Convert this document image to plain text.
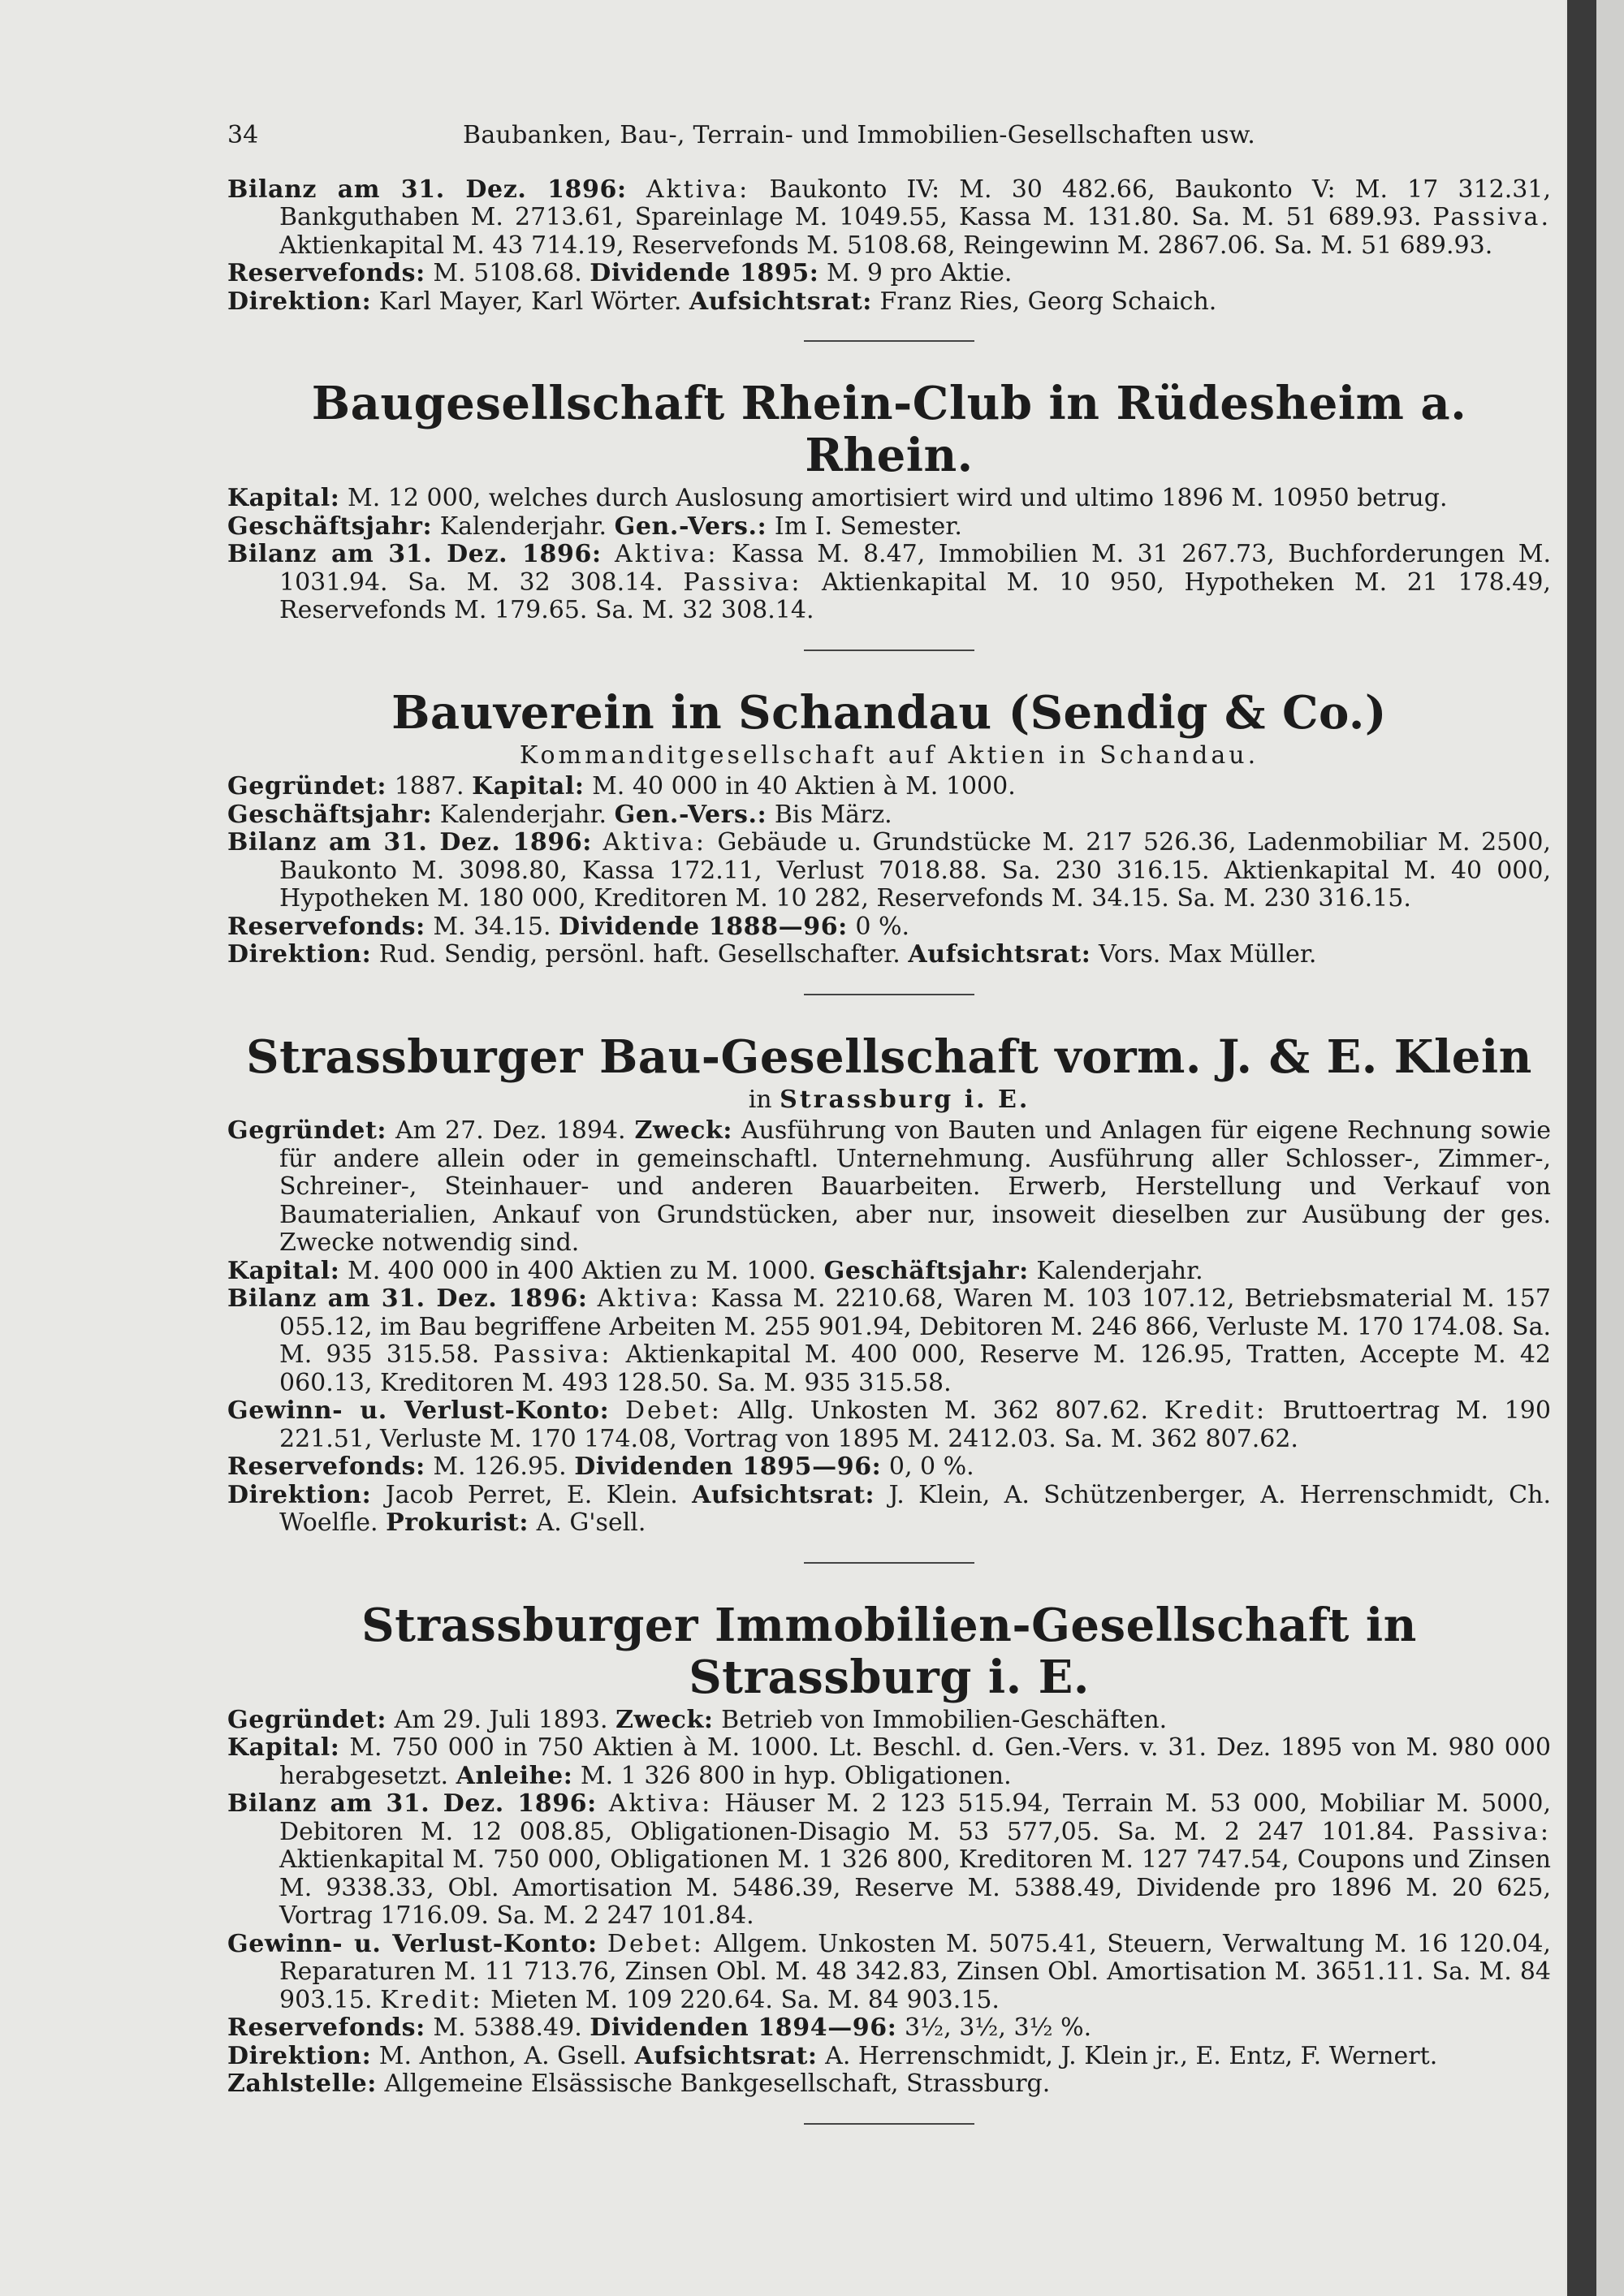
34	Baubanken, Bau-, Terrain- und Immobilien-Gesellschaften usw.
Bilanz am 31. Dez. 1896: Aktiva: Baukonto IV: M. 30 482.66, Baukonto V: M. 17 312.31, Bankguthaben M. 2713.61, Spareinlage M. 1049.55, Kassa M. 131.80. Sa. M. 51 689.93. Passiva. Aktienkapital M. 43 714.19, Reservefonds M. 5108.68, Reingewinn M. 2867.06. Sa. M. 51 689.93.
Reservefonds: M. 5108.68. Dividende 1895: M. 9 pro Aktie.
Direktion: Karl Mayer, Karl Wörter. Aufsichtsrat: Franz Ries, Georg Schaich.
Baugesellschaft Rhein-Club in Rüdesheim a. Rhein.
Kapital: M. 12 000, welches durch Auslosung amortisiert wird und ultimo 1896 M. 10950 betrug.
Geschäftsjahr: Kalenderjahr. Gen.-Vers.: Im I. Semester.
Bilanz am 31. Dez. 1896: Aktiva: Kassa M. 8.47, Immobilien M. 31 267.73, Buchforderungen M. 1031.94. Sa. M. 32 308.14. Passiva: Aktienkapital M. 10 950, Hypotheken M. 21 178.49, Reservefonds M. 179.65. Sa. M. 32 308.14.
Bauverein in Schandau (Sendig & Co.)
Kommanditgesellschaft auf Aktien in Schandau.
Gegründet: 1887. Kapital: M. 40 000 in 40 Aktien à M. 1000.
Geschäftsjahr: Kalenderjahr. Gen.-Vers.: Bis März.
Bilanz am 31. Dez. 1896: Aktiva: Gebäude u. Grundstücke M. 217 526.36, Ladenmobiliar M. 2500, Baukonto M. 3098.80, Kassa 172.11, Verlust 7018.88. Sa. 230 316.15. Aktienkapital M. 40 000, Hypotheken M. 180 000, Kreditoren M. 10 282, Reservefonds M. 34.15. Sa. M. 230 316.15.
Reservefonds: M. 34.15. Dividende 1888—96: 0 %.
Direktion: Rud. Sendig, persönl. haft. Gesellschafter. Aufsichtsrat: Vors. Max Müller.
Strassburger Bau-Gesellschaft vorm. J. & E. Klein
in Strassburg i. E.
Gegründet: Am 27. Dez. 1894. Zweck: Ausführung von Bauten und Anlagen für eigene Rechnung sowie für andere allein oder in gemeinschaftl. Unternehmung. Ausführung aller Schlosser-, Zimmer-, Schreiner-, Steinhauer- und anderen Bauarbeiten. Erwerb, Herstellung und Verkauf von Baumaterialien, Ankauf von Grundstücken, aber nur, insoweit dieselben zur Ausübung der ges. Zwecke notwendig sind.
Kapital: M. 400 000 in 400 Aktien zu M. 1000. Geschäftsjahr: Kalenderjahr.
Bilanz am 31. Dez. 1896: Aktiva: Kassa M. 2210.68, Waren M. 103 107.12, Betriebsmaterial M. 157 055.12, im Bau begriffene Arbeiten M. 255 901.94, Debitoren M. 246 866, Verluste M. 170 174.08. Sa. M. 935 315.58. Passiva: Aktienkapital M. 400 000, Reserve M. 126.95, Tratten, Accepte M. 42 060.13, Kreditoren M. 493 128.50. Sa. M. 935 315.58.
Gewinn- u. Verlust-Konto: Debet: Allg. Unkosten M. 362 807.62. Kredit: Bruttoertrag M. 190 221.51, Verluste M. 170 174.08, Vortrag von 1895 M. 2412.03. Sa. M. 362 807.62.
Reservefonds: M. 126.95. Dividenden 1895—96: 0, 0 %.
Direktion: Jacob Perret, E. Klein. Aufsichtsrat: J. Klein, A. Schützenberger, A. Herrenschmidt, Ch. Woelfle. Prokurist: A. G'sell.
Strassburger Immobilien-Gesellschaft in Strassburg i. E.
Gegründet: Am 29. Juli 1893. Zweck: Betrieb von Immobilien-Geschäften.
Kapital: M. 750 000 in 750 Aktien à M. 1000. Lt. Beschl. d. Gen.-Vers. v. 31. Dez. 1895 von M. 980 000 herabgesetzt. Anleihe: M. 1 326 800 in hyp. Obligationen.
Bilanz am 31. Dez. 1896: Aktiva: Häuser M. 2 123 515.94, Terrain M. 53 000, Mobiliar M. 5000, Debitoren M. 12 008.85, Obligationen-Disagio M. 53 577,05. Sa. M. 2 247 101.84. Passiva: Aktienkapital M. 750 000, Obligationen M. 1 326 800, Kreditoren M. 127 747.54, Coupons und Zinsen M. 9338.33, Obl. Amortisation M. 5486.39, Reserve M. 5388.49, Dividende pro 1896 M. 20 625, Vortrag 1716.09. Sa. M. 2 247 101.84.
Gewinn- u. Verlust-Konto: Debet: Allgem. Unkosten M. 5075.41, Steuern, Verwaltung M. 16 120.04, Reparaturen M. 11 713.76, Zinsen Obl. M. 48 342.83, Zinsen Obl. Amortisation M. 3651.11. Sa. M. 84 903.15. Kredit: Mieten M. 109 220.64. Sa. M. 84 903.15.
Reservefonds: M. 5388.49. Dividenden 1894—96: 3½, 3½, 3½ %.
Direktion: M. Anthon, A. Gsell. Aufsichtsrat: A. Herrenschmidt, J. Klein jr., E. Entz, F. Wernert.
Zahlstelle: Allgemeine Elsässische Bankgesellschaft, Strassburg.
